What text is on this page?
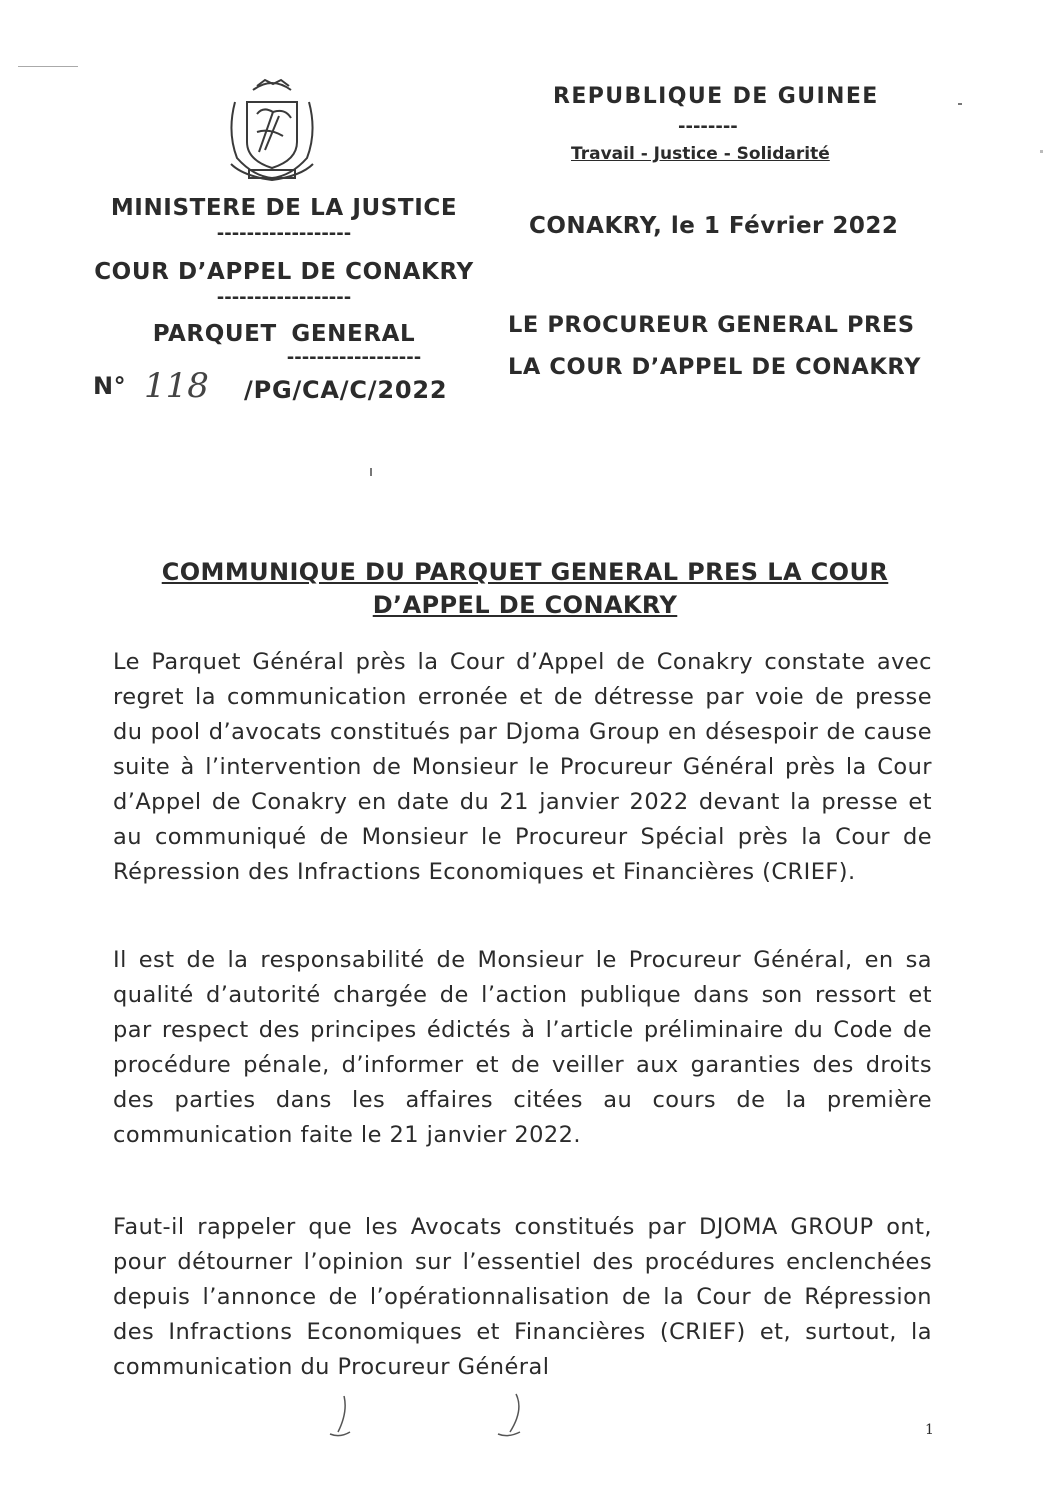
MINISTERE DE LA JUSTICE
------------------
COUR D’APPEL DE CONAKRY
------------------
PARQUET GENERAL
------------------
N° 118 /PG/CA/C/2022
REPUBLIQUE DE GUINEE
--------
Travail - Justice - Solidarité
CONAKRY, le 1 Février 2022
LE PROCUREUR GENERAL PRES
LA COUR D’APPEL DE CONAKRY
COMMUNIQUE DU PARQUET GENERAL PRES LA COUR
D’APPEL DE CONAKRY
Le Parquet Général près la Cour d’Appel de Conakry constate avec regret la communication erronée et de détresse par voie de presse du pool d’avocats constitués par Djoma Group en désespoir de cause suite à l’intervention de Monsieur le Procureur Général près la Cour d’Appel de Conakry en date du 21 janvier 2022 devant la presse et au communiqué de Monsieur le Procureur Spécial près la Cour de Répression des Infractions Economiques et Financières (CRIEF).
Il est de la responsabilité de Monsieur le Procureur Général, en sa qualité d’autorité chargée de l’action publique dans son ressort et par respect des principes édictés à l’article préliminaire du Code de procédure pénale, d’informer et de veiller aux garanties des droits des parties dans les affaires citées au cours de la première communication faite le 21 janvier 2022.
Faut-il rappeler que les Avocats constitués par DJOMA GROUP ont, pour détourner l’opinion sur l’essentiel des procédures enclenchées depuis l’annonce de l’opérationnalisation de la Cour de Répression des Infractions Economiques et Financières (CRIEF) et, surtout, la communication du Procureur Général
1
